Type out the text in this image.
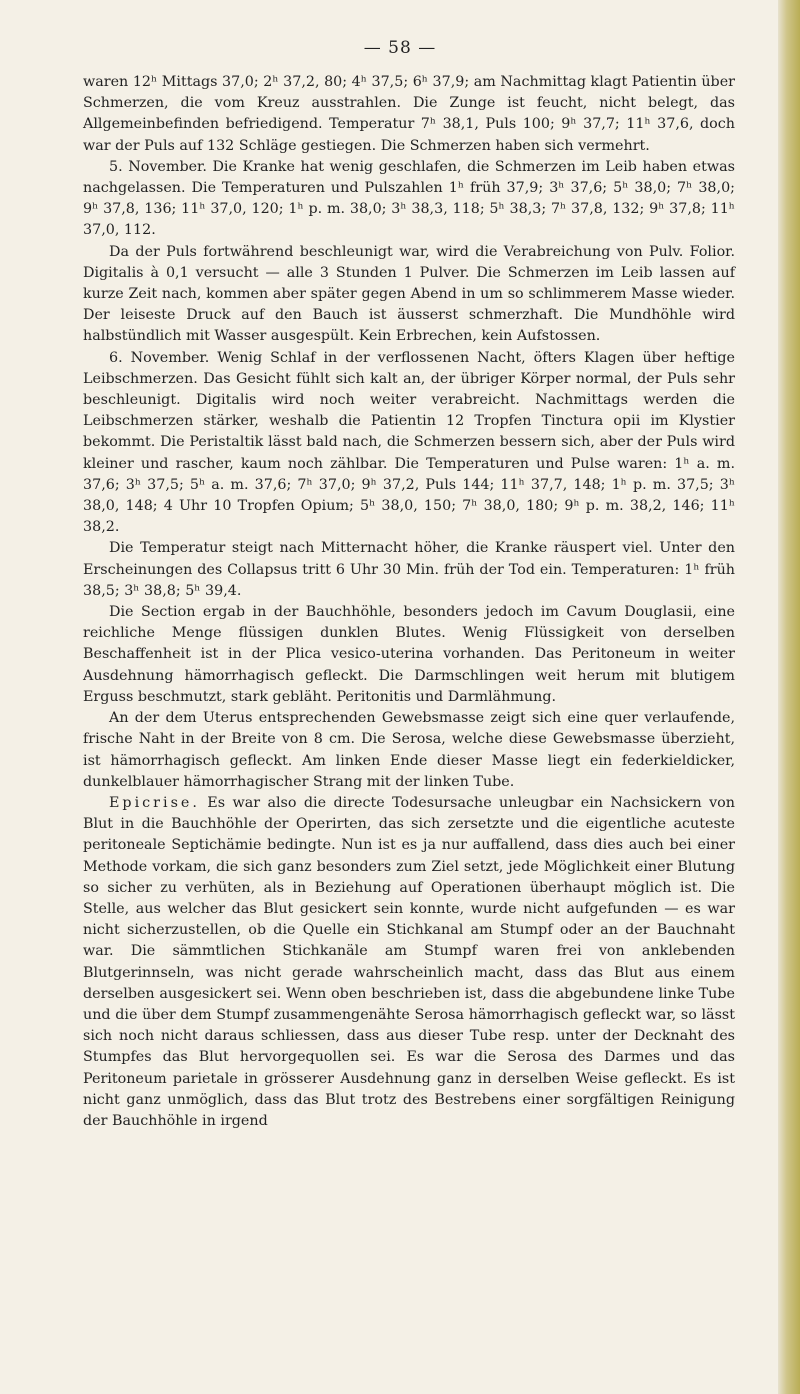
— 58 —

waren 12ʰ Mittags 37,0; 2ʰ 37,2, 80; 4ʰ 37,5; 6ʰ 37,9; am Nachmittag klagt Patientin über Schmerzen, die vom Kreuz ausstrahlen. Die Zunge ist feucht, nicht belegt, das Allgemeinbefinden befriedigend. Temperatur 7ʰ 38,1, Puls 100; 9ʰ 37,7; 11ʰ 37,6, doch war der Puls auf 132 Schläge gestiegen. Die Schmerzen haben sich vermehrt.

5. November. Die Kranke hat wenig geschlafen, die Schmerzen im Leib haben etwas nachgelassen. Die Temperaturen und Pulszahlen 1ʰ früh 37,9; 3ʰ 37,6; 5ʰ 38,0; 7ʰ 38,0; 9ʰ 37,8, 136; 11ʰ 37,0, 120; 1ʰ p. m. 38,0; 3ʰ 38,3, 118; 5ʰ 38,3; 7ʰ 37,8, 132; 9ʰ 37,8; 11ʰ 37,0, 112.

Da der Puls fortwährend beschleunigt war, wird die Verabreichung von Pulv. Folior. Digitalis à 0,1 versucht — alle 3 Stunden 1 Pulver. Die Schmerzen im Leib lassen auf kurze Zeit nach, kommen aber später gegen Abend in um so schlimmerem Masse wieder. Der leiseste Druck auf den Bauch ist äusserst schmerzhaft. Die Mundhöhle wird halbstündlich mit Wasser ausgespült. Kein Erbrechen, kein Aufstossen.

6. November. Wenig Schlaf in der verflossenen Nacht, öfters Klagen über heftige Leibschmerzen. Das Gesicht fühlt sich kalt an, der übriger Körper normal, der Puls sehr beschleunigt. Digitalis wird noch weiter verabreicht. Nachmittags werden die Leibschmerzen stärker, weshalb die Patientin 12 Tropfen Tinctura opii im Klystier bekommt. Die Peristaltik lässt bald nach, die Schmerzen bessern sich, aber der Puls wird kleiner und rascher, kaum noch zählbar. Die Temperaturen und Pulse waren: 1ʰ a. m. 37,6; 3ʰ 37,5; 5ʰ a. m. 37,6; 7ʰ 37,0; 9ʰ 37,2, Puls 144; 11ʰ 37,7, 148; 1ʰ p. m. 37,5; 3ʰ 38,0, 148; 4 Uhr 10 Tropfen Opium; 5ʰ 38,0, 150; 7ʰ 38,0, 180; 9ʰ p. m. 38,2, 146; 11ʰ 38,2.

Die Temperatur steigt nach Mitternacht höher, die Kranke räuspert viel. Unter den Erscheinungen des Collapsus tritt 6 Uhr 30 Min. früh der Tod ein. Temperaturen: 1ʰ früh 38,5; 3ʰ 38,8; 5ʰ 39,4.

Die Section ergab in der Bauchhöhle, besonders jedoch im Cavum Douglasii, eine reichliche Menge flüssigen dunklen Blutes. Wenig Flüssigkeit von derselben Beschaffenheit ist in der Plica vesico-uterina vorhanden. Das Peritoneum in weiter Ausdehnung hämorrhagisch gefleckt. Die Darmschlingen weit herum mit blutigem Erguss beschmutzt, stark gebläht. Peritonitis und Darmlähmung.

An der dem Uterus entsprechenden Gewebsmasse zeigt sich eine quer verlaufende, frische Naht in der Breite von 8 cm. Die Serosa, welche diese Gewebsmasse überzieht, ist hämorrhagisch gefleckt. Am linken Ende dieser Masse liegt ein federkieldicker, dunkelblauer hämorrhagischer Strang mit der linken Tube.

Epicrise. Es war also die directe Todesursache unleugbar ein Nachsickern von Blut in die Bauchhöhle der Operirten, das sich zersetzte und die eigentliche acuteste peritoneale Septichämie bedingte. Nun ist es ja nur auffallend, dass dies auch bei einer Methode vorkam, die sich ganz besonders zum Ziel setzt, jede Möglichkeit einer Blutung so sicher zu verhüten, als in Beziehung auf Operationen überhaupt möglich ist. Die Stelle, aus welcher das Blut gesickert sein konnte, wurde nicht aufgefunden — es war nicht sicherzustellen, ob die Quelle ein Stichkanal am Stumpf oder an der Bauchnaht war. Die sämmtlichen Stichkanäle am Stumpf waren frei von anklebenden Blutgerinnseln, was nicht gerade wahrscheinlich macht, dass das Blut aus einem derselben ausgesickert sei. Wenn oben beschrieben ist, dass die abgebundene linke Tube und die über dem Stumpf zusammengenähte Serosa hämorrhagisch gefleckt war, so lässt sich noch nicht daraus schliessen, dass aus dieser Tube resp. unter der Decknaht des Stumpfes das Blut hervorgequollen sei. Es war die Serosa des Darmes und das Peritoneum parietale in grösserer Ausdehnung ganz in derselben Weise gefleckt. Es ist nicht ganz unmöglich, dass das Blut trotz des Bestrebens einer sorgfältigen Reinigung der Bauchhöhle in irgend
